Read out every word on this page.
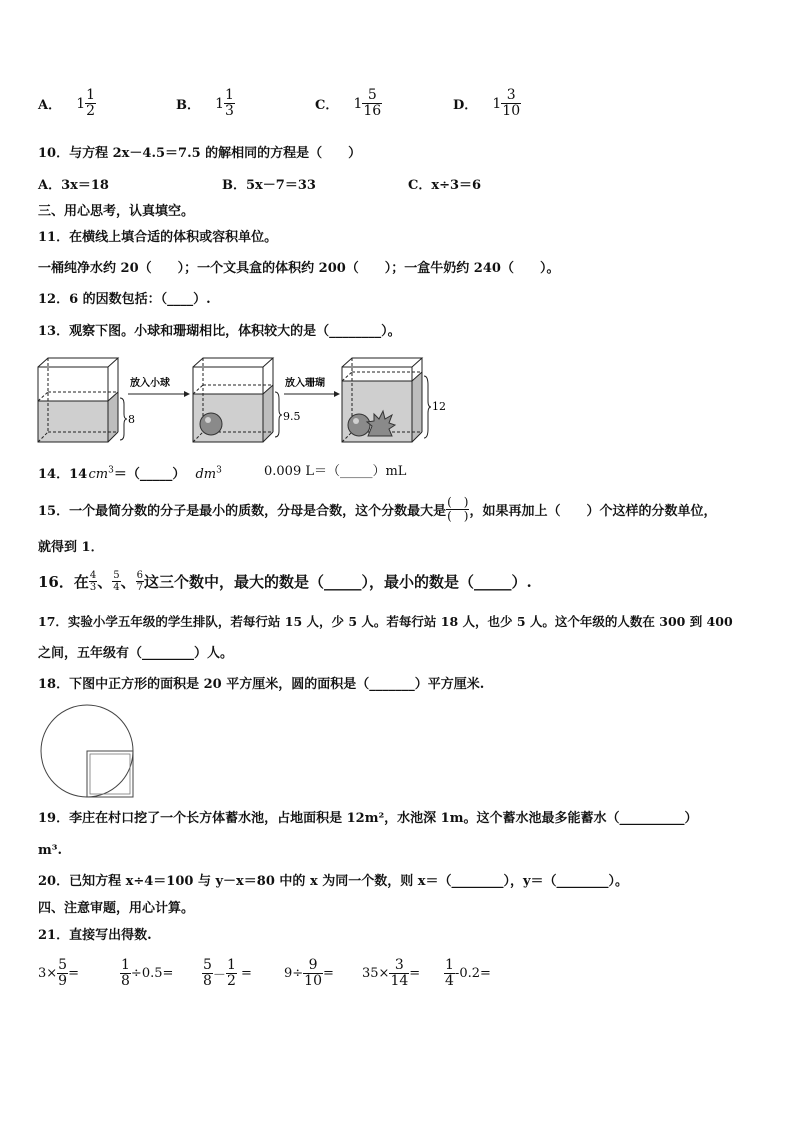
A． $1 \frac{1}{2}$	B． $1 \frac{1}{3}$	C． $1 \frac{5}{16}$	D． $1 \frac{3}{10}$
10．与方程 2x－4.5＝7.5 的解相同的方程是（　　）
A．3x＝18	B．5x－7＝33	C．x÷3＝6
三、用心思考，认真填空。
11．在横线上填合适的体积或容积单位。
一桶纯净水约 20（　　）；一个文具盒的体积约 200（　　）；一盒牛奶约 240（　　）。
12．6 的因数包括：（____）.
13．观察下图。小球和珊瑚相比，体积较大的是（________）。
8
放入小球
9.5
放入珊瑚
12
14．14 $cm^3=(\_\_\_\_\_)$ $dm^3$	0.009 L＝（_____）mL
15．一个最简分数的分子是最小的质数，分母是合数，这个分数最大是 $\frac{( )}{( )}$ ，如果再加上（　　）个这样的分数单位，
就得到 1．
16．在 $\frac{4}{3}$ 、 $\frac{5}{4}$ 、 $\frac{6}{7}$ 这三个数中，最大的数是（_____），最小的数是（_____）.
17．实验小学五年级的学生排队，若每行站 15 人，少 5 人。若每行站 18 人，也少 5 人。这个年级的人数在 300 到 400
之间，五年级有（________）人。
18．下图中正方形的面积是 20 平方厘米，圆的面积是（_______）平方厘米.
19．李庄在村口挖了一个长方体蓄水池，占地面积是 12m²，水池深 1m。这个蓄水池最多能蓄水（__________）
m³.
20．已知方程 x÷4＝100 与 y－x＝80 中的 x 为同一个数，则 x＝（________），y＝（________）。
四、注意审题，用心计算。
21．直接写出得数.
$3\times \frac{5}{9}$ =	$\frac{1}{8} \div 0.5= \frac{5}{8} - \frac{1}{2} = 9\div \frac{9}{10} = 35\times \frac{3}{14} = \frac{1}{4} -0.2=$
